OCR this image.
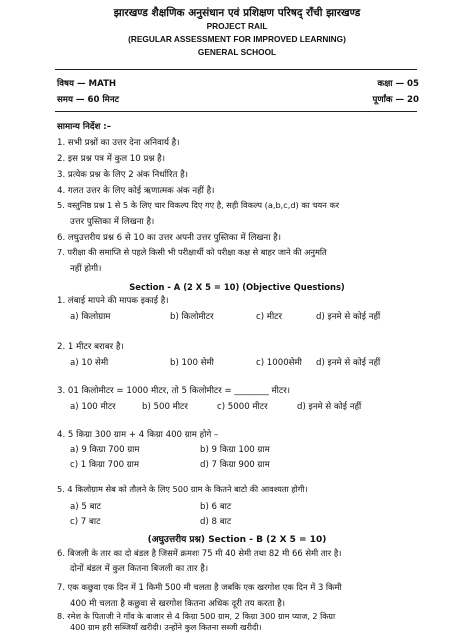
झारखण्ड शैक्षणिक अनुसंधान एवं प्रशिक्षण परिषद् राँची झारखण्ड
PROJECT RAIL
(REGULAR ASSESSMENT FOR IMPROVED LEARNING)
GENERAL SCHOOL
विषय — MATH	कक्षा — 05
समय — 60 मिनट	पूर्णांक — 20
सामान्य निर्देश :–
1. सभी प्रश्नों का उत्तर देना अनिवार्य है।
2. इस प्रश्न पत्र में कुल 10 प्रश्न है।
3. प्रत्येक प्रश्न के लिए 2 अंक निर्धारित है।
4. गलत उत्तर के लिए कोई ऋणात्मक अंक नहीं है।
5. वस्तुनिष्ठ प्रश्न 1 से 5 के लिए चार विकल्प दिए गए है, सही विकल्प (a,b,c,d) का चयन कर
उत्तर पुस्तिका में लिखना है।
6. लघुउत्तरीय प्रश्न 6 से 10 का उत्तर अपनी उत्तर पुस्तिका में लिखना है।
7. परीक्षा की समाप्ति से पहले किसी भी परीक्षार्थी को परीक्षा कक्ष से बाहर जाने की अनुमति
नहीं होगी।
Section - A (2 X 5 = 10) (Objective Questions)
1. लंबाई मापने की मापक इकाई है।
a) किलोग्राम	b) किलोमीटर	c) मीटर	d) इनमे से कोई नहीं
2. 1 मीटर बराबर है।
a) 10 सेमी	b) 100 सेमी	c) 1000सेमी d) इनमे से कोई नहीं
3. 01 किलोमीटर = 1000 मीटर, तो 5 किलोमीटर = ________ मीटर।
a) 100 मीटर	b) 500 मीटर	c) 5000 मीटर	d) इनमे से कोई नहीं
4. 5 किग्रा 300 ग्राम + 4 किग्रा 400 ग्राम होगे –
a) 9 किग्रा 700 ग्राम	b) 9 किग्रा 100 ग्राम
c) 1 किग्रा 700 ग्राम	d) 7 किग्रा 900 ग्राम
5. 4 किलोग्राम सेब को तौलने के लिए 500 ग्राम के कितने बाटो की आवश्यता होगी।
a) 5 बाट	b) 6 बाट
c) 7 बाट	d) 8 बाट
(अघुउत्तरीय प्रश्न) Section - B (2 X 5 = 10)
6. बिजली के तार का दो बंडल है जिसमें क्रमशः 75 मी 40 सेमी तथा 82 मी 66 सेमी तार है।
दोनों बंडल में कुल कितना बिजली का तार है।
7. एक कछुवा एक दिन में 1 किमी 500 मी चलता है जबकि एक खरगोश एक दिन में 3 किमी
400 मी चलता है कछुवा से खरगोश कितना अधिक दूरी तय करता है।
8. रमेश के पिताजी ने गाँव के बाजार से 4 किग्रा 500 ग्राम, 2 किग्रा 300 ग्राम प्याज, 2 किग्रा
400 ग्राम हरी सब्जियाँ खरीदी। उन्होंने कुल कितना सब्जी खरीदी।
